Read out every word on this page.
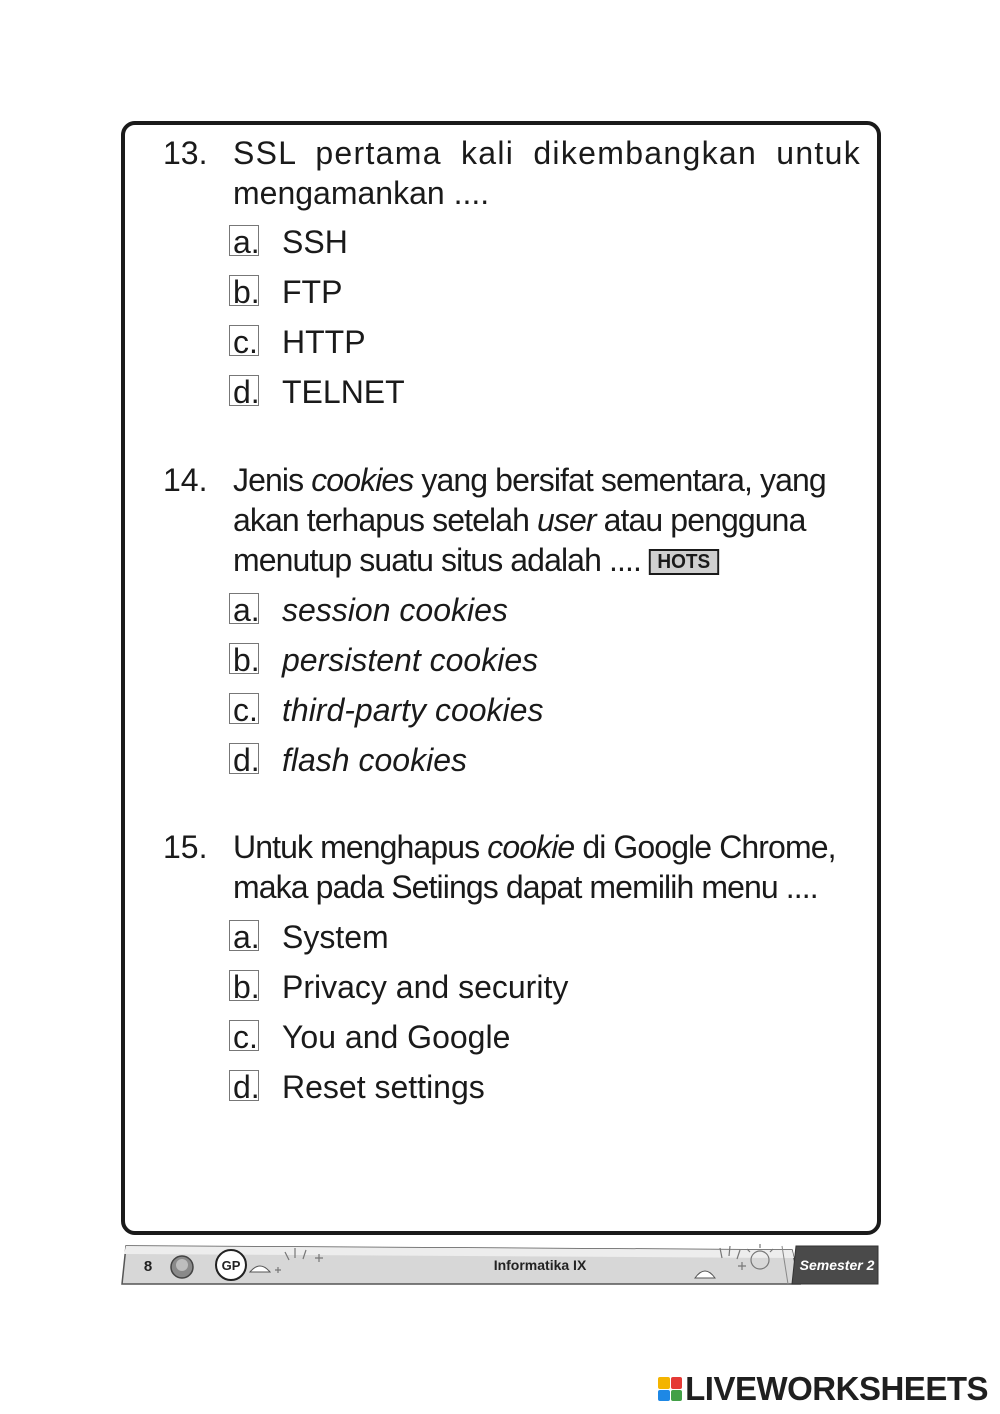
13. SSL pertama kali dikembangkan untuk
mengamankan ....
a. SSH
b. FTP
c. HTTP
d. TELNET
14. Jenis cookies yang bersifat sementara, yang
akan terhapus setelah user atau pengguna
menutup suatu situs adalah .... HOTS
a. session cookies
b. persistent cookies
c. third-party cookies
d. flash cookies
15. Untuk menghapus cookie di Google Chrome,
maka pada Setiings dapat memilih menu ....
a. System
b. Privacy and security
c. You and Google
d. Reset settings
8	GP	Informatika IX	Semester 2
LIVEWORKSHEETS
